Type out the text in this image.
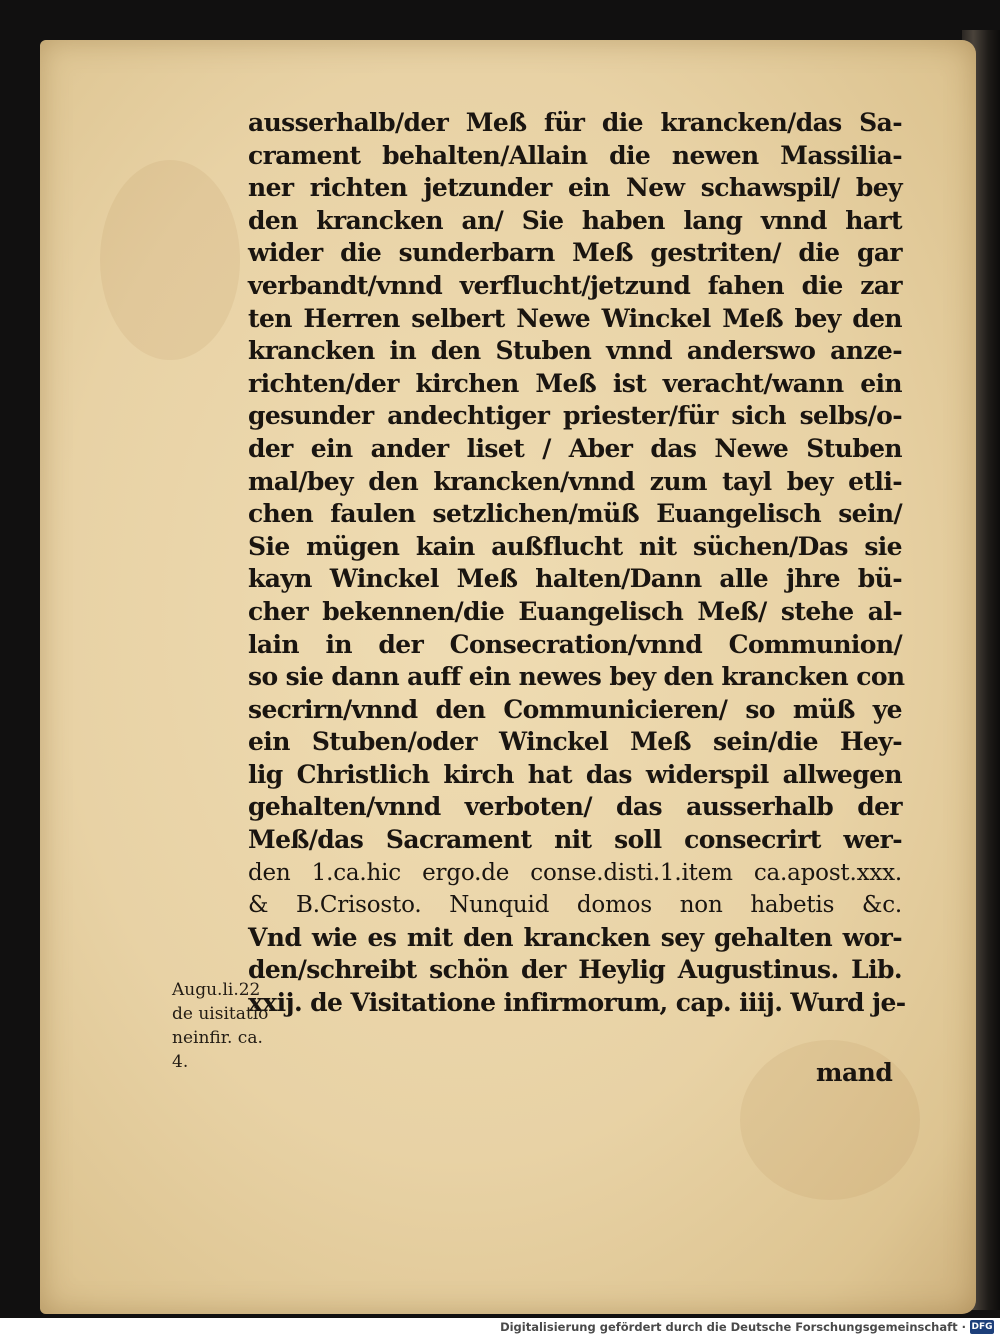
ausserhalb/der Meß für die krancken/das Sa-
crament behalten/Allain die newen Massilia-
ner richten jetzunder ein New schawspil/ bey
den krancken an/ Sie haben lang vnnd hart
wider die sunderbarn Meß gestriten/ die gar
verbandt/vnnd verflucht/jetzund fahen die zar
ten Herren selbert Newe Winckel Meß bey den
krancken in den Stuben vnnd anderswo anze-
richten/der kirchen Meß ist veracht/wann ein
gesunder andechtiger priester/für sich selbs/o-
der ein ander liset / Aber das Newe Stuben
mal/bey den krancken/vnnd zum tayl bey etli-
chen faulen setzlichen/müß Euangelisch sein/
Sie mügen kain außflucht nit süchen/Das sie
kayn Winckel Meß halten/Dann alle jhre bü-
cher bekennen/die Euangelisch Meß/ stehe al-
lain in der Consecration/vnnd Communion/
so sie dann auff ein newes bey den krancken con
secrirn/vnnd den Communicieren/ so müß ye
ein Stuben/oder Winckel Meß sein/die Hey-
lig Christlich kirch hat das widerspil allwegen
gehalten/vnnd verboten/ das ausserhalb der
Meß/das Sacrament nit soll consecrirt wer-
den 1.ca.hic ergo.de conse.disti.1.item ca.apost.xxx.
& B.Crisosto. Nunquid domos non habetis &c.
Vnd wie es mit den krancken sey gehalten wor-
den/schreibt schön der Heylig Augustinus. Lib.
xxij. de Visitatione infirmorum, cap. iiij. Wurd je-
mand
Augu.li.22
de uisitatio
neinfir. ca.
4.
Digitalisierung gefördert durch die Deutsche Forschungsgemeinschaft · DFG
